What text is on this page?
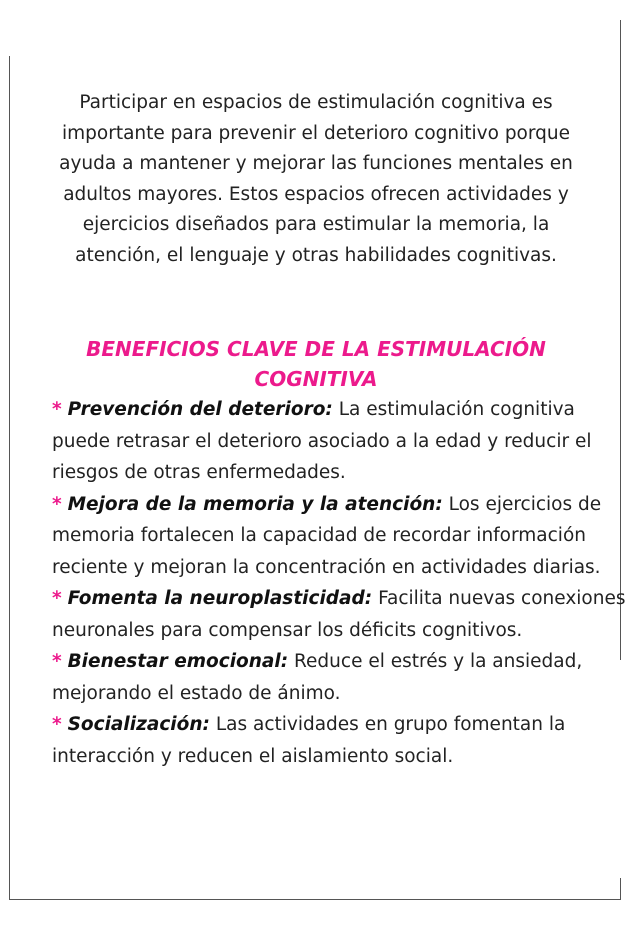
Participar en espacios de estimulación cognitiva es importante para prevenir el deterioro cognitivo porque ayuda a mantener y mejorar las funciones mentales en adultos mayores. Estos espacios ofrecen actividades y ejercicios diseñados para estimular la memoria, la atención, el lenguaje y otras habilidades cognitivas.

BENEFICIOS CLAVE DE LA ESTIMULACIÓN COGNITIVA

* Prevención del deterioro: La estimulación cognitiva puede retrasar el deterioro asociado a la edad y reducir el riesgos de otras enfermedades.

* Mejora de la memoria y la atención: Los ejercicios de memoria fortalecen la capacidad de recordar información reciente y mejoran la concentración en actividades diarias.

* Fomenta la neuroplasticidad: Facilita nuevas conexiones neuronales para compensar los déficits cognitivos.

* Bienestar emocional: Reduce el estrés y la ansiedad, mejorando el estado de ánimo.

* Socialización: Las actividades en grupo fomentan la interacción y reducen el aislamiento social.
